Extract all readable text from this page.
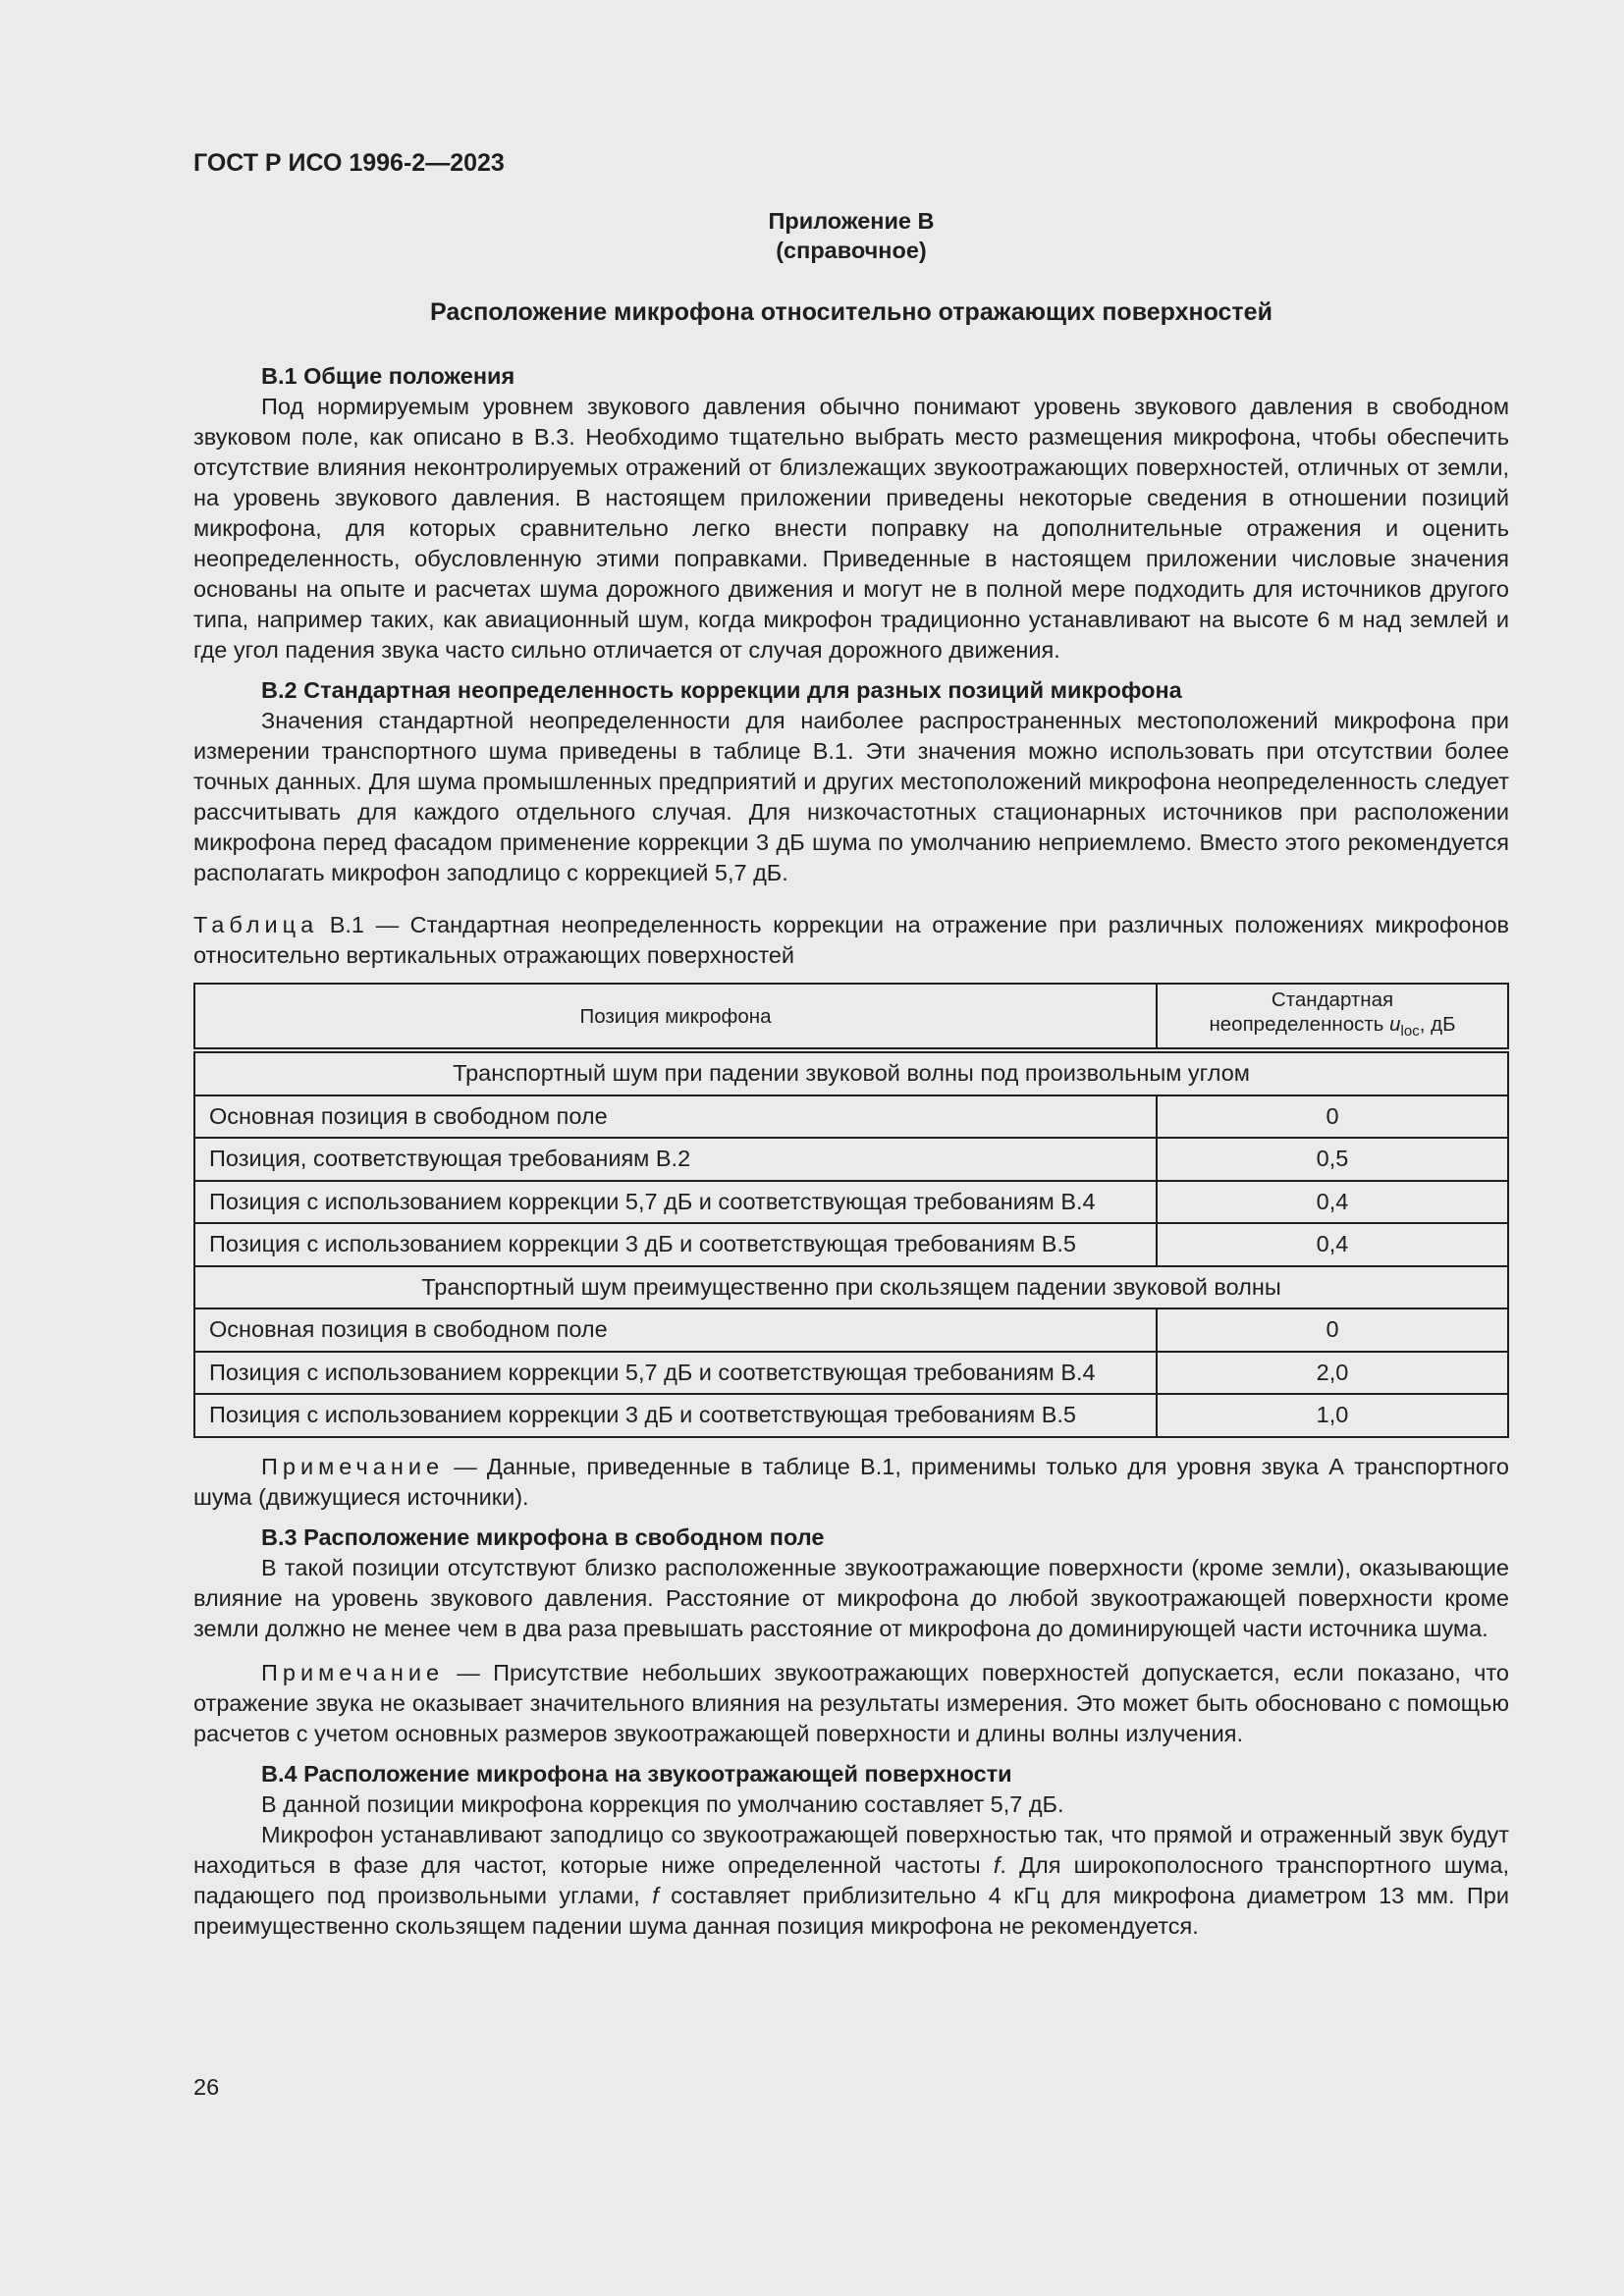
ГОСТ Р ИСО 1996-2—2023
Приложение В
(справочное)
Расположение микрофона относительно отражающих поверхностей
В.1 Общие положения

Под нормируемым уровнем звукового давления обычно понимают уровень звукового давления в свободном звуковом поле, как описано в В.3. Необходимо тщательно выбрать место размещения микрофона, чтобы обеспечить отсутствие влияния неконтролируемых отражений от близлежащих звукоотражающих поверхностей, отличных от земли, на уровень звукового давления. В настоящем приложении приведены некоторые сведения в отношении позиций микрофона, для которых сравнительно легко внести поправку на дополнительные отражения и оценить неопределенность, обусловленную этими поправками. Приведенные в настоящем приложении числовые значения основаны на опыте и расчетах шума дорожного движения и могут не в полной мере подходить для источников другого типа, например таких, как авиационный шум, когда микрофон традиционно устанавливают на высоте 6 м над землей и где угол падения звука часто сильно отличается от случая дорожного движения.

В.2 Стандартная неопределенность коррекции для разных позиций микрофона

Значения стандартной неопределенности для наиболее распространенных местоположений микрофона при измерении транспортного шума приведены в таблице В.1. Эти значения можно использовать при отсутствии более точных данных. Для шума промышленных предприятий и других местоположений микрофона неопределенность следует рассчитывать для каждого отдельного случая. Для низкочастотных стационарных источников при расположении микрофона перед фасадом применение коррекции 3 дБ шума по умолчанию неприемлемо. Вместо этого рекомендуется располагать микрофон заподлицо с коррекцией 5,7 дБ.

Таблица В.1 — Стандартная неопределенность коррекции на отражение при различных положениях микрофонов относительно вертикальных отражающих поверхностей

Позиция микрофона	Стандартная
неопределенность $u_{loc}$, дБ
Транспортный шум при падении звуковой волны под произвольным углом	
Основная позиция в свободном поле	0
Позиция, соответствующая требованиям В.2	0,5
Позиция с использованием коррекции 5,7 дБ и соответствующая требованиям В.4	0,4
Позиция с использованием коррекции 3 дБ и соответствующая требованиям В.5	0,4
Транспортный шум преимущественно при скользящем падении звуковой волны	
Основная позиция в свободном поле	0
Позиция с использованием коррекции 5,7 дБ и соответствующая требованиям В.4	2,0
Позиция с использованием коррекции 3 дБ и соответствующая требованиям В.5	1,0

Примечание — Данные, приведенные в таблице В.1, применимы только для уровня звука А транспортного шума (движущиеся источники).

В.3 Расположение микрофона в свободном поле

В такой позиции отсутствуют близко расположенные звукоотражающие поверхности (кроме земли), оказывающие влияние на уровень звукового давления. Расстояние от микрофона до любой звукоотражающей поверхности кроме земли должно не менее чем в два раза превышать расстояние от микрофона до доминирующей части источника шума.

Примечание — Присутствие небольших звукоотражающих поверхностей допускается, если показано, что отражение звука не оказывает значительного влияния на результаты измерения. Это может быть обосновано с помощью расчетов с учетом основных размеров звукоотражающей поверхности и длины волны излучения.

В.4 Расположение микрофона на звукоотражающей поверхности

В данной позиции микрофона коррекция по умолчанию составляет 5,7 дБ.

Микрофон устанавливают заподлицо со звукоотражающей поверхностью так, что прямой и отраженный звук будут находиться в фазе для частот, которые ниже определенной частоты f. Для широкополосного транспортного шума, падающего под произвольными углами, f составляет приблизительно 4 кГц для микрофона диаметром 13 мм. При преимущественно скользящем падении шума данная позиция микрофона не рекомендуется.

26
